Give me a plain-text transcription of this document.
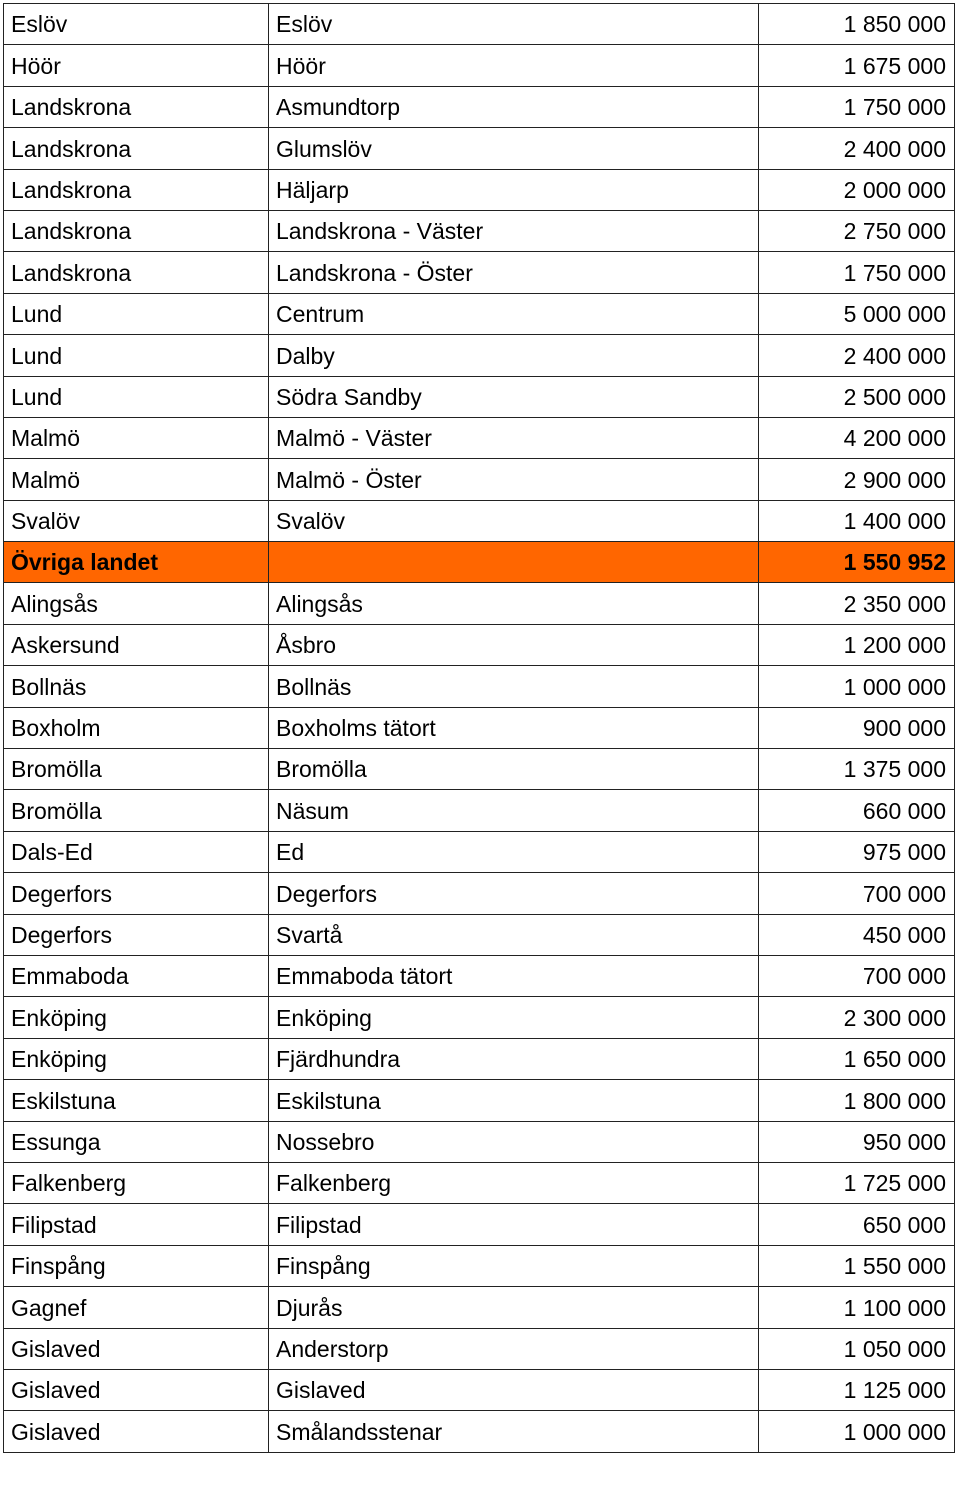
Eslöv	Eslöv	1 850 000
Höör	Höör	1 675 000
Landskrona	Asmundtorp	1 750 000
Landskrona	Glumslöv	2 400 000
Landskrona	Häljarp	2 000 000
Landskrona	Landskrona - Väster	2 750 000
Landskrona	Landskrona - Öster	1 750 000
Lund	Centrum	5 000 000
Lund	Dalby	2 400 000
Lund	Södra Sandby	2 500 000
Malmö	Malmö - Väster	4 200 000
Malmö	Malmö - Öster	2 900 000
Svalöv	Svalöv	1 400 000
Övriga landet		1 550 952
Alingsås	Alingsås	2 350 000
Askersund	Åsbro	1 200 000
Bollnäs	Bollnäs	1 000 000
Boxholm	Boxholms tätort	900 000
Bromölla	Bromölla	1 375 000
Bromölla	Näsum	660 000
Dals-Ed	Ed	975 000
Degerfors	Degerfors	700 000
Degerfors	Svartå	450 000
Emmaboda	Emmaboda tätort	700 000
Enköping	Enköping	2 300 000
Enköping	Fjärdhundra	1 650 000
Eskilstuna	Eskilstuna	1 800 000
Essunga	Nossebro	950 000
Falkenberg	Falkenberg	1 725 000
Filipstad	Filipstad	650 000
Finspång	Finspång	1 550 000
Gagnef	Djurås	1 100 000
Gislaved	Anderstorp	1 050 000
Gislaved	Gislaved	1 125 000
Gislaved	Smålandsstenar	1 000 000
